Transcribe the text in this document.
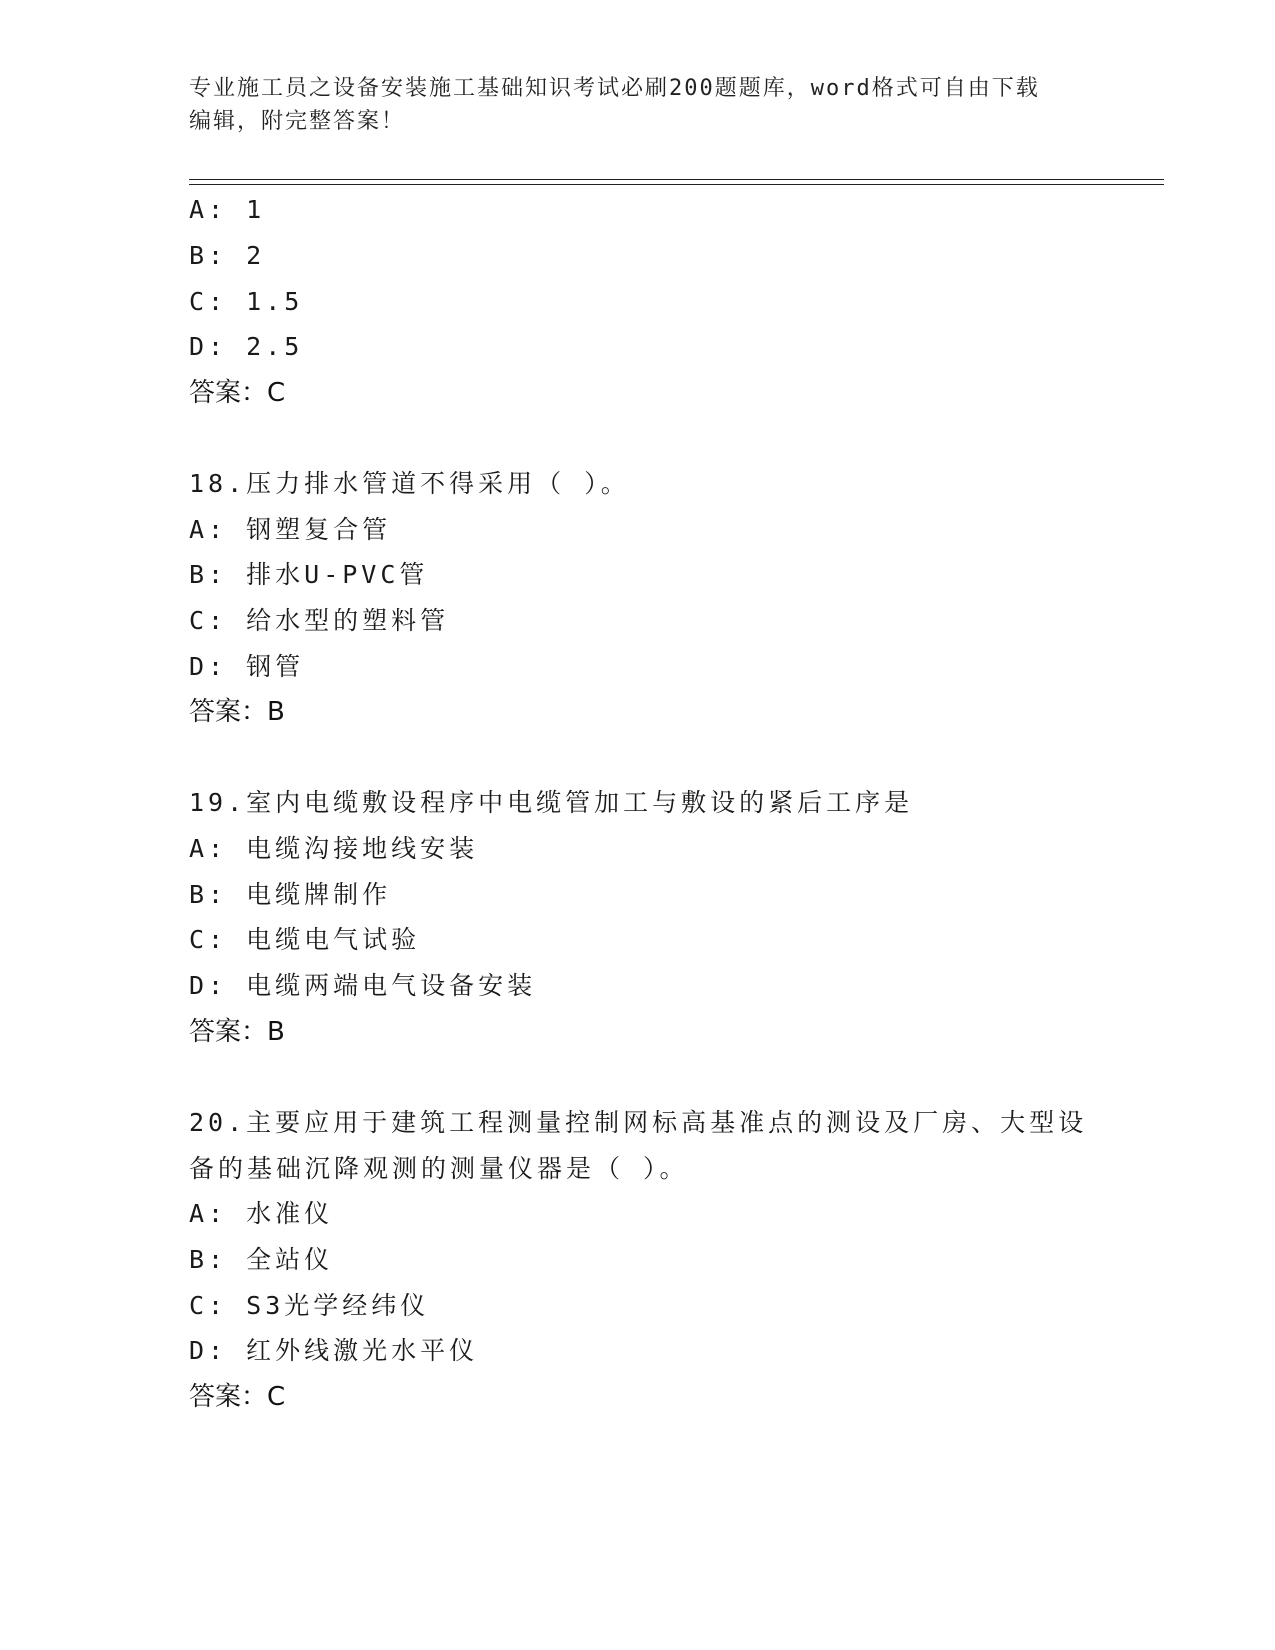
专业施工员之设备安装施工基础知识考试必刷200题题库，word格式可自由下载
编辑，附完整答案！
A: 1
B: 2
C: 1.5
D: 2.5
答案：C
18.压力排水管道不得采用（ ）。
A: 钢塑复合管
B: 排水U-PVC管
C: 给水型的塑料管
D: 钢管
答案：B
19.室内电缆敷设程序中电缆管加工与敷设的紧后工序是
A: 电缆沟接地线安装
B: 电缆牌制作
C: 电缆电气试验
D: 电缆两端电气设备安装
答案：B
20.主要应用于建筑工程测量控制网标高基准点的测设及厂房、大型设
备的基础沉降观测的测量仪器是（ ）。
A: 水准仪
B: 全站仪
C: S3光学经纬仪
D: 红外线激光水平仪
答案：C
